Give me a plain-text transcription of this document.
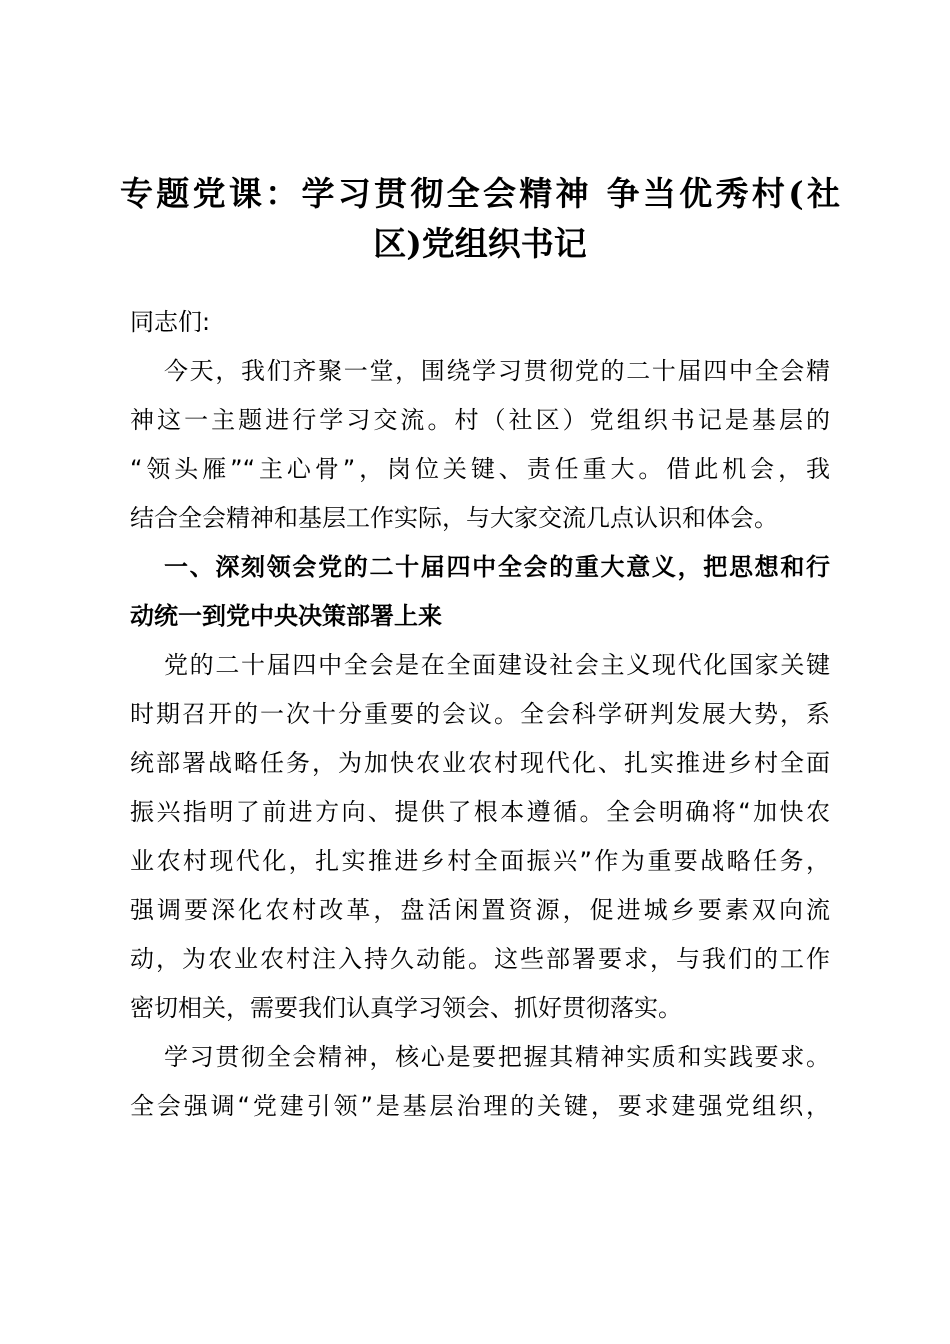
专题党课：学习贯彻全会精神 争当优秀村(社
区)党组织书记
同志们:
今天，我们齐聚一堂，围绕学习贯彻党的二十届四中全会精
神这一主题进行学习交流。村（社区）党组织书记是基层的
“领头雁”“主心骨”，岗位关键、责任重大。借此机会，我
结合全会精神和基层工作实际，与大家交流几点认识和体会。
一、深刻领会党的二十届四中全会的重大意义，把思想和行
动统一到党中央决策部署上来
党的二十届四中全会是在全面建设社会主义现代化国家关键
时期召开的一次十分重要的会议。全会科学研判发展大势，系
统部署战略任务，为加快农业农村现代化、扎实推进乡村全面
振兴指明了前进方向、提供了根本遵循。全会明确将“加快农
业农村现代化，扎实推进乡村全面振兴”作为重要战略任务，
强调要深化农村改革，盘活闲置资源，促进城乡要素双向流
动，为农业农村注入持久动能。这些部署要求，与我们的工作
密切相关，需要我们认真学习领会、抓好贯彻落实。
学习贯彻全会精神，核心是要把握其精神实质和实践要求。
全会强调“党建引领”是基层治理的关键，要求建强党组织，
